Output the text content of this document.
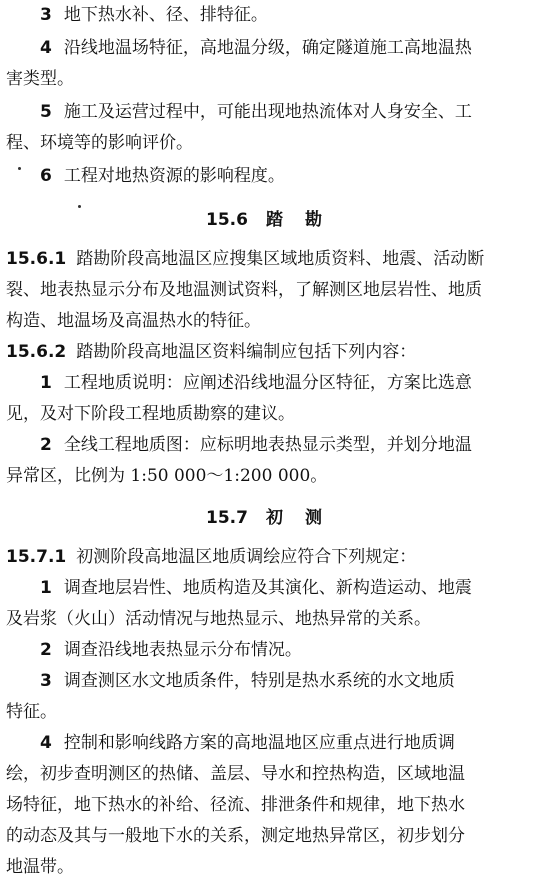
3 地下热水补、径、排特征。
4 沿线地温场特征，高地温分级，确定隧道施工高地温热
害类型。
5 施工及运营过程中，可能出现地热流体对人身安全、工
程、环境等的影响评价。
6 工程对地热资源的影响程度。
15.6 踏勘
15.6.1 踏勘阶段高地温区应搜集区域地质资料、地震、活动断
裂、地表热显示分布及地温测试资料，了解测区地层岩性、地质
构造、地温场及高温热水的特征。
15.6.2 踏勘阶段高地温区资料编制应包括下列内容：
1 工程地质说明：应阐述沿线地温分区特征，方案比选意
见，及对下阶段工程地质勘察的建议。
2 全线工程地质图：应标明地表热显示类型，并划分地温
异常区，比例为 1:50 000～1:200 000。
15.7 初测
15.7.1 初测阶段高地温区地质调绘应符合下列规定：
1 调查地层岩性、地质构造及其演化、新构造运动、地震
及岩浆（火山）活动情况与地热显示、地热异常的关系。
2 调查沿线地表热显示分布情况。
3 调查测区水文地质条件，特别是热水系统的水文地质
特征。
4 控制和影响线路方案的高地温地区应重点进行地质调
绘，初步查明测区的热储、盖层、导水和控热构造，区域地温
场特征，地下热水的补给、径流、排泄条件和规律，地下热水
的动态及其与一般地下水的关系，测定地热异常区，初步划分
地温带。
